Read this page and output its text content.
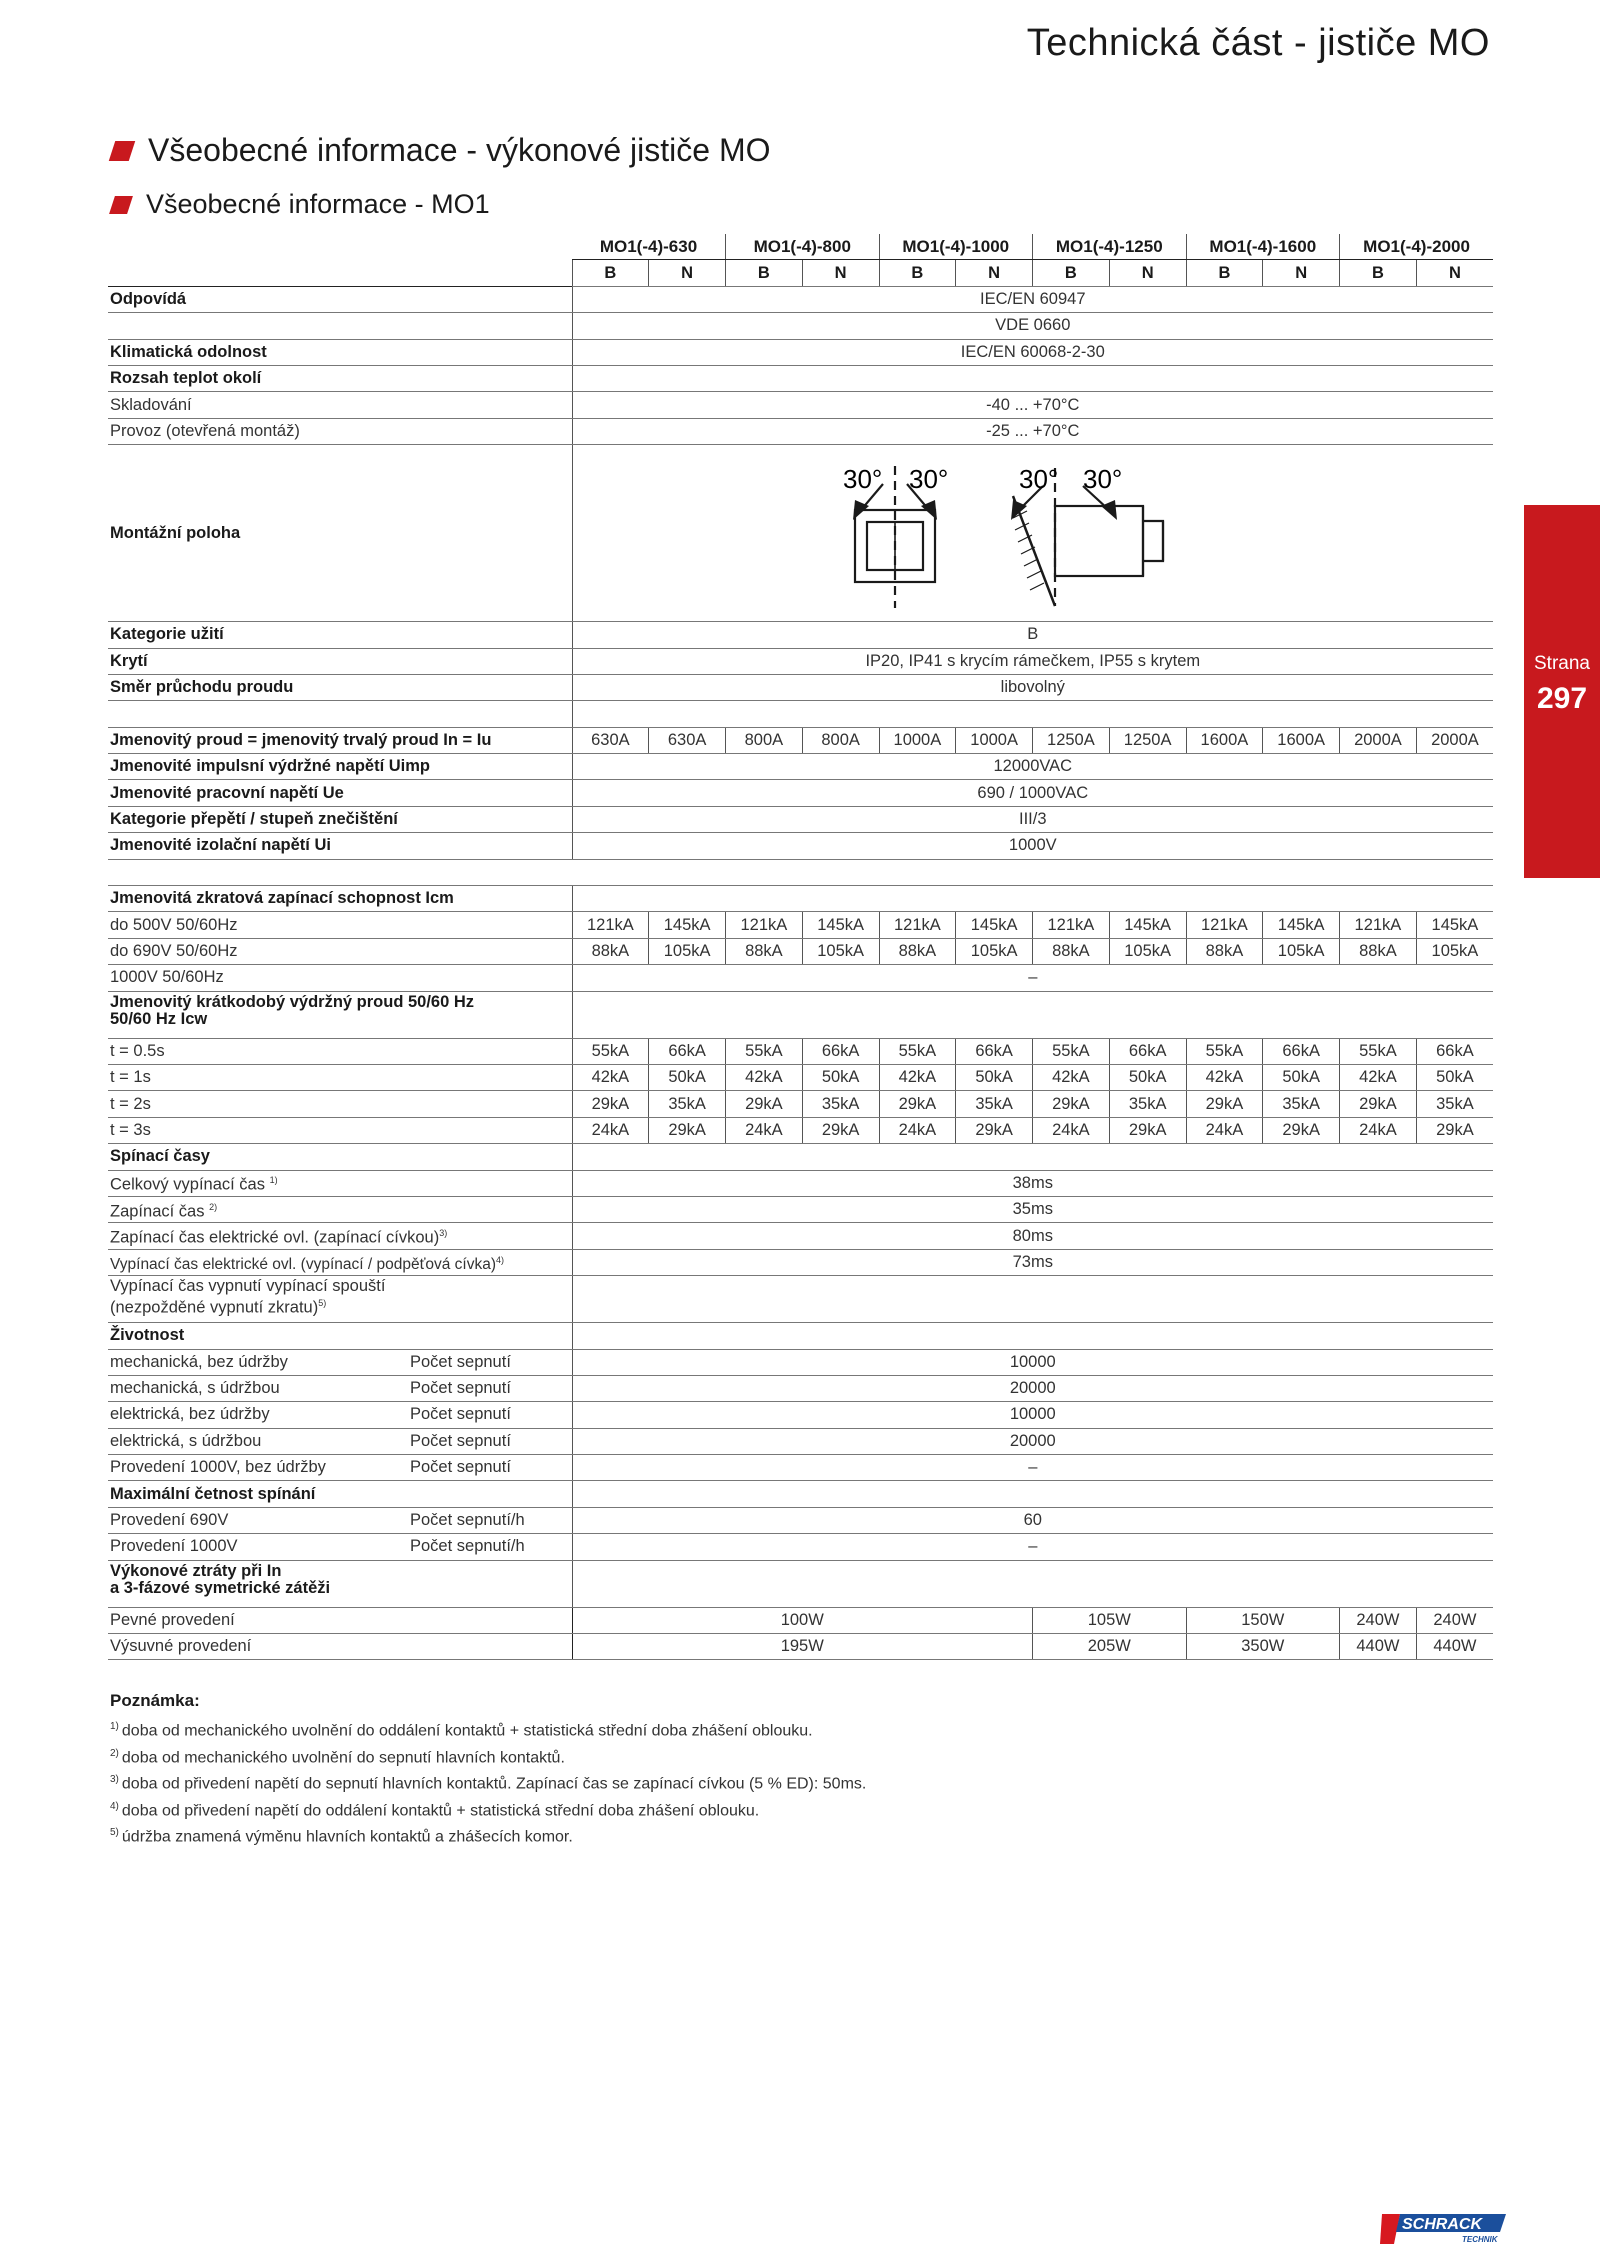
Technická část - jističe MO
Všeobecné informace - výkonové jističe MO
Všeobecné informace - MO1
Strana
297
		MO1(-4)-630		MO1(-4)-800		MO1(-4)-1000		MO1(-4)-1250		MO1(-4)-1600		MO1(-4)-2000	
		B	N	B	N	B	N	B	N	B	N	B	N
Odpovídá		IEC/EN 60947											
		VDE 0660											
Klimatická odolnost		IEC/EN 60068-2-30											
Rozsah teplot okolí													
Skladování		-40 ... +70°C											
Provoz (otevřená montáž)		-25 ... +70°C											
Montážní poloha		30° 30° 30° 30°											

Kategorie užití		B											
Krytí		IP20, IP41 s krycím rámečkem, IP55 s krytem											
Směr průchodu proudu		libovolný											

Jmenovitý proud = jmenovitý trvalý proud In = Iu		630A	630A	800A	800A	1000A	1000A	1250A	1250A	1600A	1600A	2000A	2000A
Jmenovité impulsní výdržné napětí Uimp		12000VAC											
Jmenovité pracovní napětí Ue		690 / 1000VAC											
Kategorie přepětí / stupeň znečištění		III/3											
Jmenovité izolační napětí Ui		1000V											

Jmenovitá zkratová zapínací schopnost Icm													
do 500V 50/60Hz		121kA	145kA	121kA	145kA	121kA	145kA	121kA	145kA	121kA	145kA	121kA	145kA
do 690V 50/60Hz		88kA	105kA	88kA	105kA	88kA	105kA	88kA	105kA	88kA	105kA	88kA	105kA
1000V 50/60Hz		–											

Jmenovitý krátkodobý výdržný proud 50/60 Hz
50/60 Hz Icw													

t = 0.5s		55kA	66kA	55kA	66kA	55kA	66kA	55kA	66kA	55kA	66kA	55kA	66kA
t = 1s		42kA	50kA	42kA	50kA	42kA	50kA	42kA	50kA	42kA	50kA	42kA	50kA
t = 2s		29kA	35kA	29kA	35kA	29kA	35kA	29kA	35kA	29kA	35kA	29kA	35kA
t = 3s		24kA	29kA	24kA	29kA	24kA	29kA	24kA	29kA	24kA	29kA	24kA	29kA
Spínací časy													
Celkový vypínací čas $^{1)}$		38ms											
Zapínací čas $^{2)}$		35ms											
Zapínací čas elektrické ovl. (zapínací cívkou)$^{3)}$		80ms											
Vypínací čas elektrické ovl. (vypínací / podpěťová cívka)$^{4)}$		73ms											
Vypínací čas vypnutí vypínací spouští (nezpožděné vypnutí zkratu)$^{5)}$	
Životnost													
mechanická, bez údržby	Počet sepnutí	10000											
mechanická, s údržbou	Počet sepnutí	20000											
elektrická, bez údržby	Počet sepnutí	10000											
elektrická, s údržbou	Počet sepnutí	20000											
Provedení 1000V, bez údržby	Počet sepnutí	–											
Maximální četnost spínání													
Provedení 690V	Počet sepnutí/h	60											
Provedení 1000V	Počet sepnutí/h	–											

Výkonové ztráty při In
a 3-fázové symetrické zátěži													

Pevné provedení		100W						105W		150W		240W	240W
Výsuvné provedení		195W						205W		350W		440W	440W
Poznámka:
$^{1)}$ doba od mechanického uvolnění do oddálení kontaktů + statistická střední doba zhášení oblouku.
$^{2)}$ doba od mechanického uvolnění do sepnutí hlavních kontaktů.
$^{3)}$ doba od přivedení napětí do sepnutí hlavních kontaktů. Zapínací čas se zapínací cívkou (5 % ED): 50ms.
$^{4)}$ doba od přivedení napětí do oddálení kontaktů + statistická střední doba zhášení oblouku.
$^{5)}$ údržba znamená výměnu hlavních kontaktů a zhášecích komor.
SCHRACK
TECHNIK
